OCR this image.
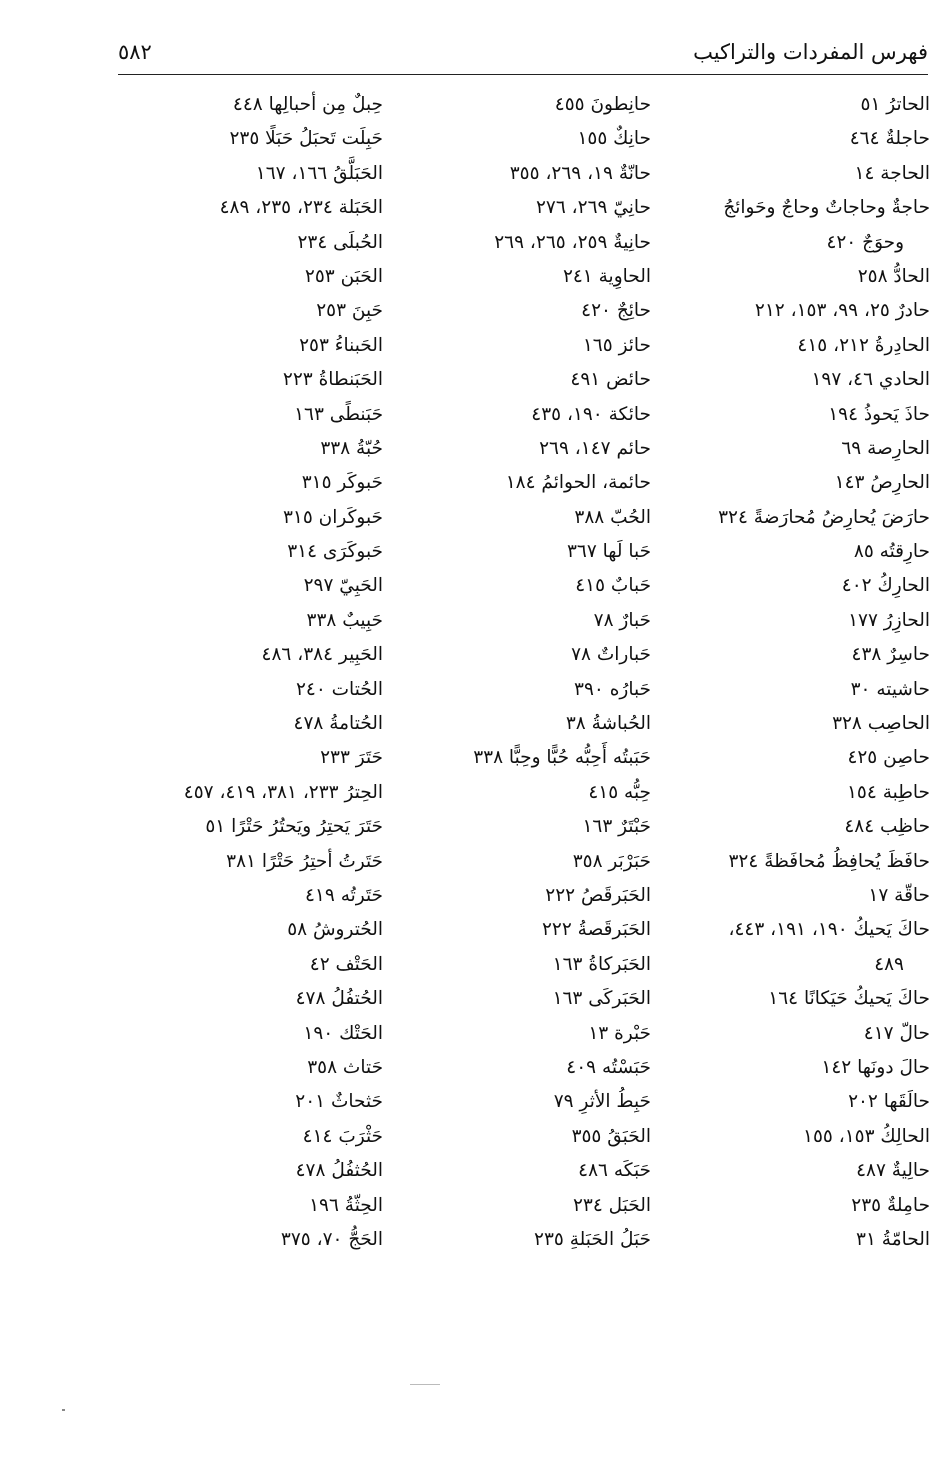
فهرس المفردات والتراكيب
٥٨٢
الحاترُ ٥١
حاجلةٌ ٤٦٤
الحاجة ١٤
حاجةٌ وحاجاتٌ وحاجٌ وحَوائجُ
وحوَجٌ ٤٢٠
الحادُّ ٢٥٨
حادرٌ ٢٥، ٩٩، ١٥٣، ٢١٢
الحادِرةُ ٢١٢، ٤١٥
الحادي ٤٦، ١٩٧
حاذَ يَحوذُ ١٩٤
الحارِصة ٦٩
الحارِصُ ١٤٣
حارَضَ يُحارِضُ مُحارَضةً ٣٢٤
حارِقتُه ٨٥
الحارِكُ ٤٠٢
الحازِرُ ١٧٧
حاسِرٌ ٤٣٨
حاشيته ٣٠
الحاصِب ٣٢٨
حاصِن ٤٢٥
حاطِبة ١٥٤
حاظِب ٤٨٤
حافَظَ يُحافِظُ مُحافَظةً ٣٢٤
حاقّة ١٧
حاكَ يَحيكُ ١٩٠، ١٩١، ٤٤٣،
٤٨٩
حاكَ يَحيكُ حَيَكانًا ١٦٤
حالّ ٤١٧
حالَ دونَها ١٤٢
حالَقَها ٢٠٢
الحالِكُ ١٥٣، ١٥٥
حالِيةٌ ٤٨٧
حامِلةٌ ٢٣٥
الحامّةُ ٣١
حانِطونَ ٤٥٥
حانِكٌ ١٥٥
حانّةٌ ١٩، ٢٦٩، ٣٥٥
حانِيّ ٢٦٩، ٢٧٦
حانِيةٌ ٢٥٩، ٢٦٥، ٢٦٩
الحاوِية ٢٤١
حائِجٌ ٤٢٠
حائز ١٦٥
حائض ٤٩١
حائكة ١٩٠، ٤٣٥
حائم ١٤٧، ٢٦٩
حائمة، الحوائمُ ١٨٤
الحُبّ ٣٨٨
حَبا لَها ٣٦٧
حَبابٌ ٤١٥
حَبارٌ ٧٨
حَباراتٌ ٧٨
حَبارُه ٣٩٠
الحُباشةُ ٣٨
حَبَبتُه أَحِبُّه حُبًّا وحِبًّا ٣٣٨
حِبُّه ٤١٥
حَبْتَرٌ ١٦٣
حَبَرْبَر ٣٥٨
الحَبَرقَصُ ٢٢٢
الحَبَرقَصةُ ٢٢٢
الحَبَركاةُ ١٦٣
الحَبَركَى ١٦٣
حَبْرة ١٣
حَبَسْتُه ٤٠٩
حَبِطُ الأثرِ ٧٩
الحَبَقُ ٣٥٥
حَبَكَه ٤٨٦
الحَبَل ٢٣٤
حَبَلُ الحَبَلةِ ٢٣٥
حِبلٌ مِن أحبالِها ٤٤٨
حَبِلَت تَحبَلُ حَبَلًا ٢٣٥
الحَبَلَّقُ ١٦٦، ١٦٧
الحَبَلة ٢٣٤، ٢٣٥، ٤٨٩
الحُبلَى ٢٣٤
الحَبَن ٢٥٣
حَبِنَ ٢٥٣
الحَبناءُ ٢٥٣
الحَبَنطاةُ ٢٢٣
حَبَنطًى ١٦٣
حُبّةُ ٣٣٨
حَبوكَر ٣١٥
حَبوكَران ٣١٥
حَبوكَرَى ٣١٤
الحَبِيّ ٢٩٧
حَبِيبٌ ٣٣٨
الحَبِير ٣٨٤، ٤٨٦
الحُتات ٢٤٠
الحُتامةُ ٤٧٨
حَتَرَ ٢٣٣
الحِترُ ٢٣٣، ٣٨١، ٤١٩، ٤٥٧
حَتَرَ يَحتِرُ ويَحتُرُ حَتْرًا ٥١
حَتَرتُ أحتِرُ حَتْرًا ٣٨١
حَتَرتُه ٤١٩
الحُتروشُ ٥٨
الحَتْف ٤٢
الحُتفُلُ ٤٧٨
الحَتْك ١٩٠
حَتاث ٣٥٨
حَثحاثٌ ٢٠١
حَثْرَبَ ٤١٤
الحُثفُلُ ٤٧٨
الحِثّةُ ١٩٦
الحَجُّ ٧٠، ٣٧٥
